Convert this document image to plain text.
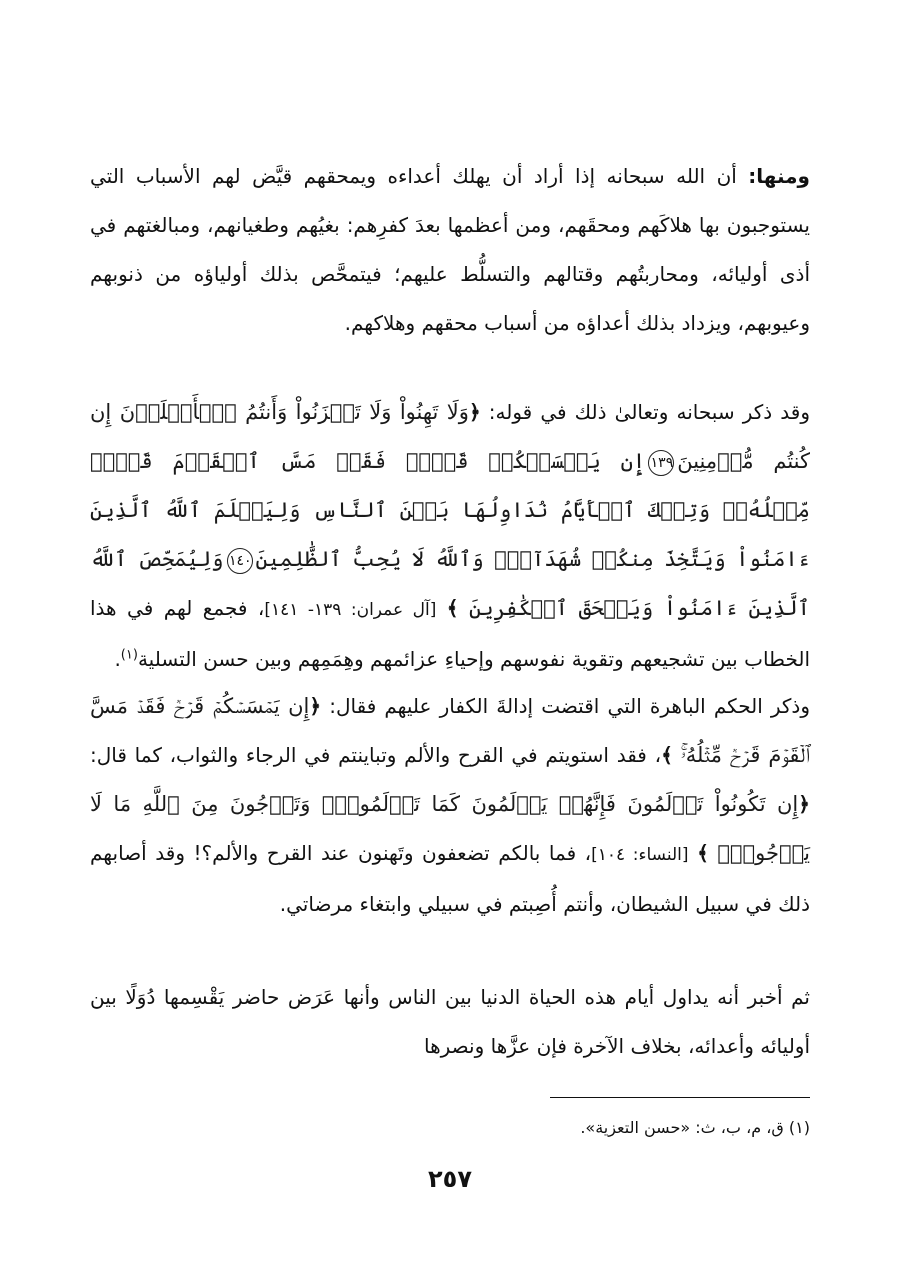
ومنها: أن الله سبحانه إذا أراد أن يهلك أعداءه ويمحقهم قيَّض لهم الأسباب التي يستوجبون بها هلاكَهم ومحقَهم، ومن أعظمها بعدَ كفرِهم: بغيُهم وطغيانهم، ومبالغتهم في أذى أوليائه، ومحاربتُهم وقتالهم والتسلُّط عليهم؛ فيتمحَّص بذلك أولياؤه من ذنوبهم وعيوبهم، ويزداد بذلك أعداؤه من أسباب محقهم وهلاكهم.

وقد ذكر سبحانه وتعالىٰ ذلك في قوله: ﴿وَلَا تَهِنُواْ وَلَا تَحۡزَنُواْ وَأَنتُمُ ٱلۡأَعۡلَوۡنَ إِن كُنتُم مُّؤۡمِنِينَ١٣٩إِن يَمۡسَسۡكُمۡ قَرۡحٞ فَقَدۡ مَسَّ ٱلۡقَوۡمَ قَرۡحٞ مِّثۡلُهُۥۚ وَتِلۡكَ ٱلۡأَيَّامُ نُدَاوِلُهَا بَيۡنَ ٱلنَّاسِ وَلِيَعۡلَمَ ٱللَّهُ ٱلَّذِينَ ءَامَنُواْ وَيَتَّخِذَ مِنكُمۡ شُهَدَآءَۗ وَٱللَّهُ لَا يُحِبُّ ٱلظَّٰلِمِينَ١٤٠وَلِيُمَحِّصَ ٱللَّهُ ٱلَّذِينَ ءَامَنُواْ وَيَمۡحَقَ ٱلۡكَٰفِرِينَ ﴾ [آل عمران: ١٣٩- ١٤١]، فجمع لهم في هذا الخطاب بين تشجيعهم وتقوية نفوسهم وإحياءِ عزائمهم وهِمَمِهم وبين حسن التسلية$^{(١)}$.

وذكر الحكم الباهرة التي اقتضت إدالةَ الكفار عليهم فقال: ﴿إِن يَمۡسَسۡكُمۡ قَرۡحٞ فَقَدۡ مَسَّ ٱلۡقَوۡمَ قَرۡحٞ مِّثۡلُهُۥۚ ﴾، فقد استويتم في القرح والألم وتباينتم في الرجاء والثواب، كما قال: ﴿إِن تَكُونُواْ تَأۡلَمُونَ فَإِنَّهُمۡ يَأۡلَمُونَ كَمَا تَأۡلَمُونَۖ وَتَرۡجُونَ مِنَ ٱللَّهِ مَا لَا يَرۡجُونَۗ ﴾ [النساء: ١٠٤]، فما بالكم تضعفون وتَهنون عند القرح والألم؟! وقد أصابهم ذلك في سبيل الشيطان، وأنتم أُصِبتم في سبيلي وابتغاء مرضاتي.

ثم أخبر أنه يداول أيام هذه الحياة الدنيا بين الناس وأنها عَرَض حاضر يَقْسِمها دُوَلًا بين أوليائه وأعدائه، بخلاف الآخرة فإن عزَّها ونصرها

(١) ق، م، ب، ث: «حسن التعزية».
٢٥٧
